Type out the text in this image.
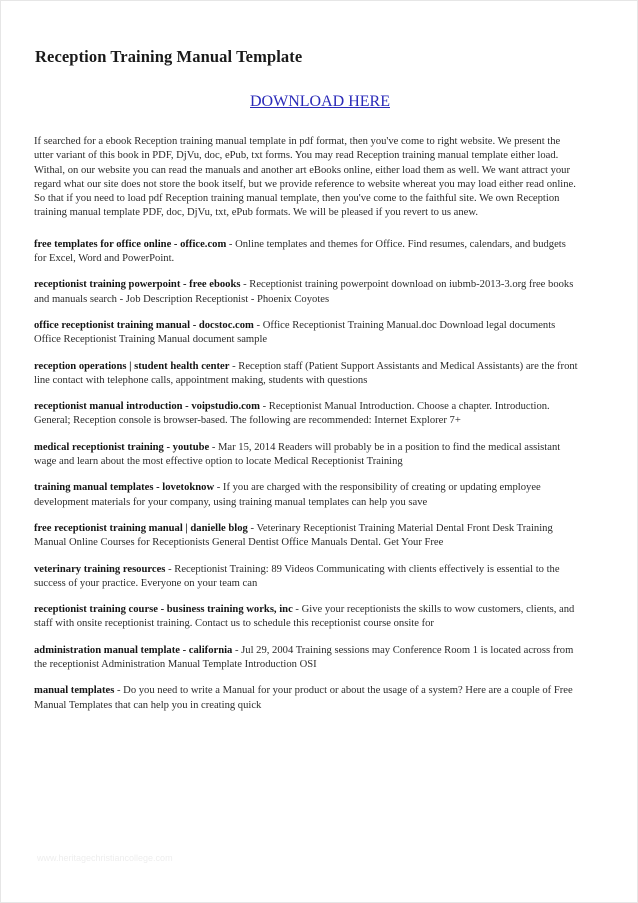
Reception Training Manual Template
DOWNLOAD HERE

If searched for a ebook Reception training manual template in pdf format, then you've come to right website. We present the utter variant of this book in PDF, DjVu, doc, ePub, txt forms. You may read Reception training manual template either load. Withal, on our website you can read the manuals and another art eBooks online, either load them as well. We want attract your regard what our site does not store the book itself, but we provide reference to website whereat you may load either read online. So that if you need to load pdf Reception training manual template, then you've come to the faithful site. We own Reception training manual template PDF, doc, DjVu, txt, ePub formats. We will be pleased if you revert to us anew.

free templates for office online - office.com - Online templates and themes for Office. Find resumes, calendars, and budgets for Excel, Word and PowerPoint.

receptionist training powerpoint - free ebooks - Receptionist training powerpoint download on iubmb-2013-3.org free books and manuals search - Job Description Receptionist - Phoenix Coyotes

office receptionist training manual - docstoc.com - Office Receptionist Training Manual.doc Download legal documents Office Receptionist Training Manual document sample

reception operations | student health center - Reception staff (Patient Support Assistants and Medical Assistants) are the front line contact with telephone calls, appointment making, students with questions

receptionist manual introduction - voipstudio.com - Receptionist Manual Introduction. Choose a chapter. Introduction. General; Reception console is browser-based. The following are recommended: Internet Explorer 7+

medical receptionist training - youtube - Mar 15, 2014 Readers will probably be in a position to find the medical assistant wage and learn about the most effective option to locate Medical Receptionist Training

training manual templates - lovetoknow - If you are charged with the responsibility of creating or updating employee development materials for your company, using training manual templates can help you save

free receptionist training manual | danielle blog - Veterinary Receptionist Training Material Dental Front Desk Training Manual Online Courses for Receptionists General Dentist Office Manuals Dental. Get Your Free

veterinary training resources - Receptionist Training: 89 Videos Communicating with clients effectively is essential to the success of your practice. Everyone on your team can

receptionist training course - business training works, inc - Give your receptionists the skills to wow customers, clients, and staff with onsite receptionist training. Contact us to schedule this receptionist course onsite for

administration manual template - california - Jul 29, 2004 Training sessions may Conference Room 1 is located across from the receptionist Administration Manual Template Introduction OSI

manual templates - Do you need to write a Manual for your product or about the usage of a system? Here are a couple of Free Manual Templates that can help you in creating quick

www.heritagechristiancollege.com
